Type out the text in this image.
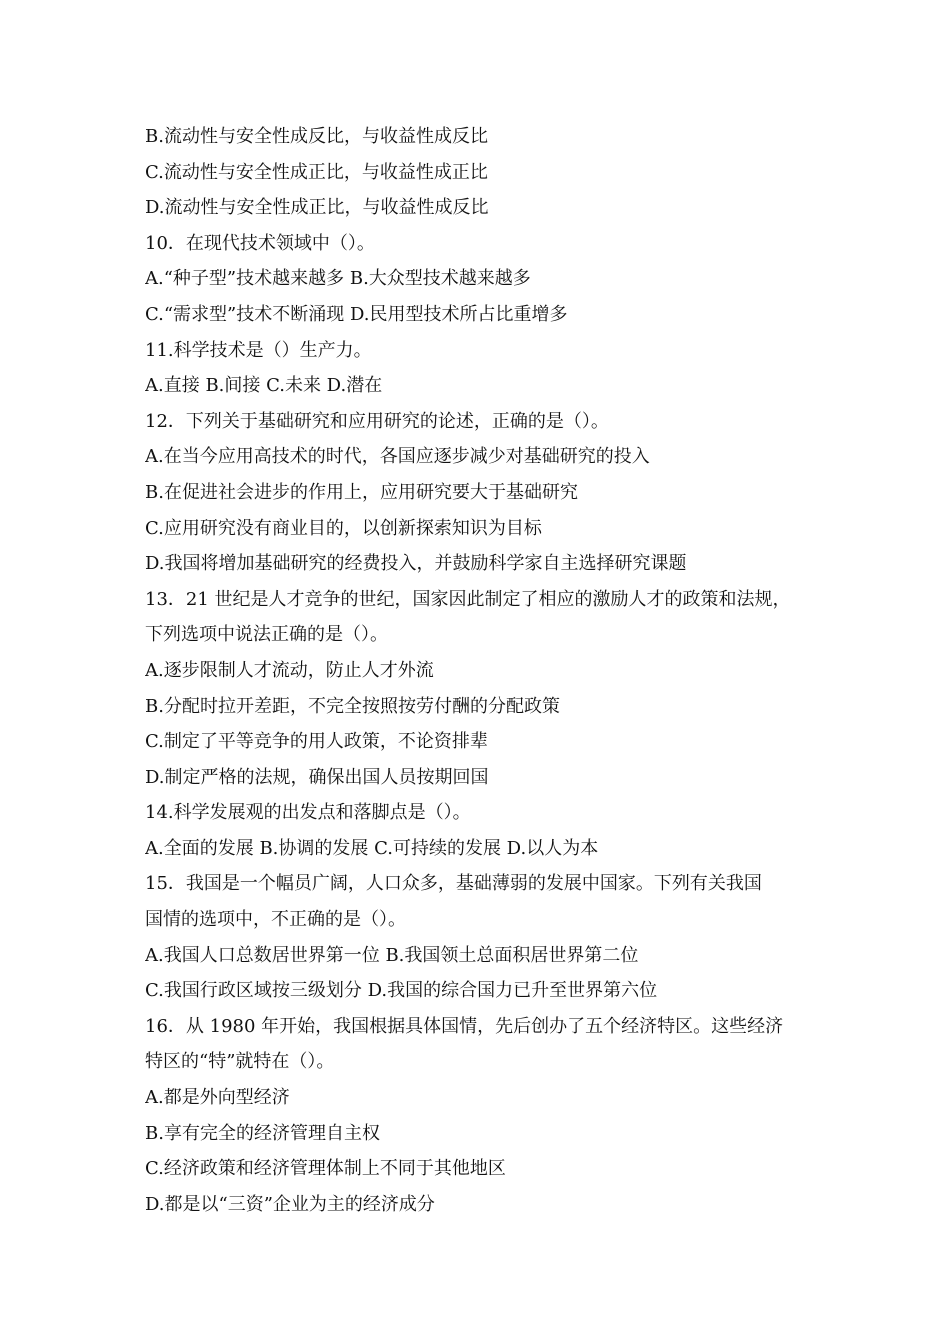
B.流动性与安全性成反比，与收益性成反比
C.流动性与安全性成正比，与收益性成正比
D.流动性与安全性成正比，与收益性成反比
10．在现代技术领域中（）。
A.“种子型”技术越来越多 B.大众型技术越来越多
C.“需求型”技术不断涌现 D.民用型技术所占比重增多
11.科学技术是（）生产力。
A.直接 B.间接 C.未来 D.潜在
12．下列关于基础研究和应用研究的论述，正确的是（）。
A.在当今应用高技术的时代，各国应逐步减少对基础研究的投入
B.在促进社会进步的作用上，应用研究要大于基础研究
C.应用研究没有商业目的，以创新探索知识为目标
D.我国将增加基础研究的经费投入，并鼓励科学家自主选择研究课题
13．21 世纪是人才竞争的世纪，国家因此制定了相应的激励人才的政策和法规，
下列选项中说法正确的是（）。
A.逐步限制人才流动，防止人才外流
B.分配时拉开差距，不完全按照按劳付酬的分配政策
C.制定了平等竞争的用人政策，不论资排辈
D.制定严格的法规，确保出国人员按期回国
14.科学发展观的出发点和落脚点是（）。
A.全面的发展 B.协调的发展 C.可持续的发展 D.以人为本
15．我国是一个幅员广阔，人口众多，基础薄弱的发展中国家。下列有关我国
国情的选项中，不正确的是（）。
A.我国人口总数居世界第一位 B.我国领土总面积居世界第二位
C.我国行政区域按三级划分 D.我国的综合国力已升至世界第六位
16．从 1980 年开始，我国根据具体国情，先后创办了五个经济特区。这些经济
特区的“特”就特在（）。
A.都是外向型经济
B.享有完全的经济管理自主权
C.经济政策和经济管理体制上不同于其他地区
D.都是以“三资”企业为主的经济成分
